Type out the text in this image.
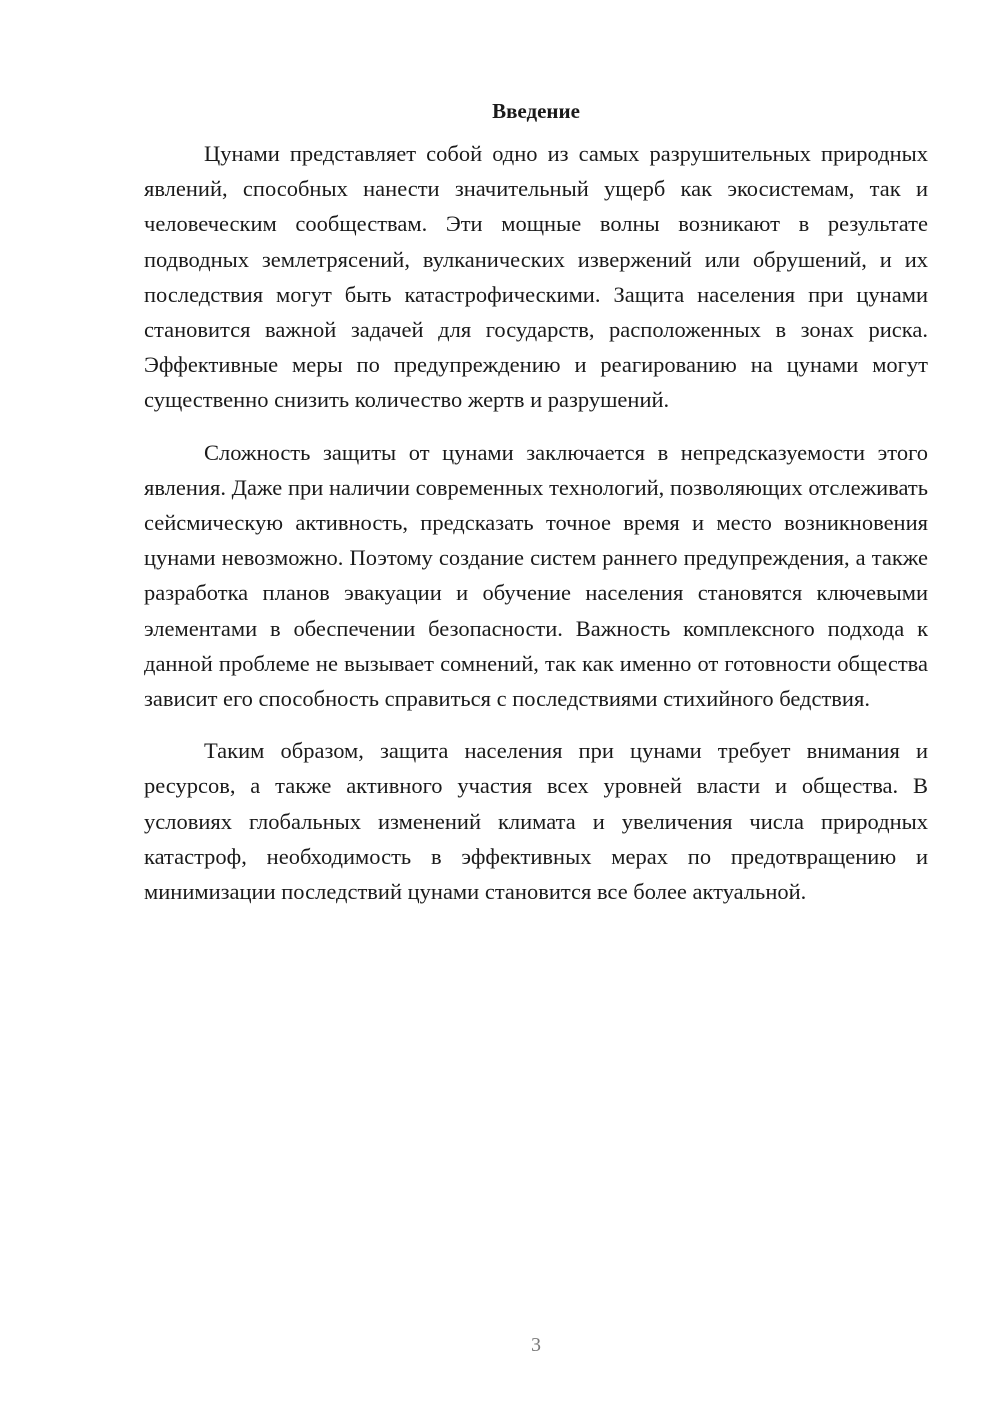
Введение

Цунами представляет собой одно из самых разрушительных природных явлений, способных нанести значительный ущерб как экосистемам, так и человеческим сообществам. Эти мощные волны возникают в результате подводных землетрясений, вулканических извержений или обрушений, и их последствия могут быть катастрофическими. Защита населения при цунами становится важной задачей для государств, расположенных в зонах риска. Эффективные меры по предупреждению и реагированию на цунами могут существенно снизить количество жертв и разрушений.

Сложность защиты от цунами заключается в непредсказуемости этого явления. Даже при наличии современных технологий, позволяющих отслеживать сейсмическую активность, предсказать точное время и место возникновения цунами невозможно. Поэтому создание систем раннего предупреждения, а также разработка планов эвакуации и обучение населения становятся ключевыми элементами в обеспечении безопасности. Важность комплексного подхода к данной проблеме не вызывает сомнений, так как именно от готовности общества зависит его способность справиться с последствиями стихийного бедствия.

Таким образом, защита населения при цунами требует внимания и ресурсов, а также активного участия всех уровней власти и общества. В условиях глобальных изменений климата и увеличения числа природных катастроф, необходимость в эффективных мерах по предотвращению и минимизации последствий цунами становится все более актуальной.

3
